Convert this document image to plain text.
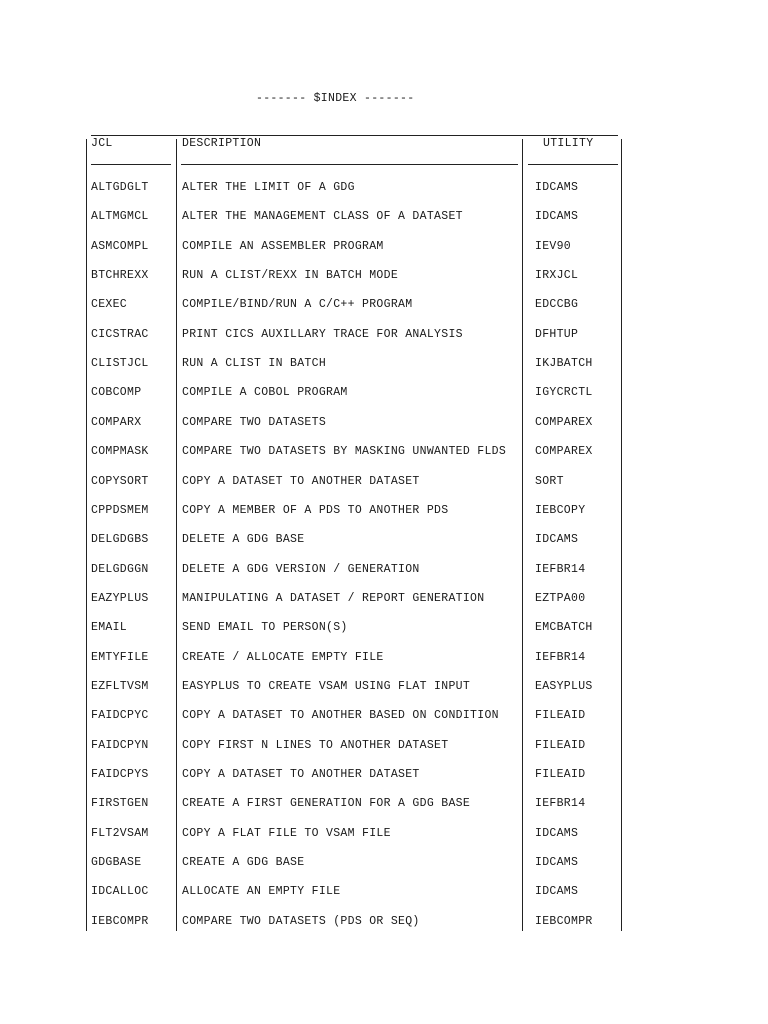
------- $INDEX -------
JCL	DESCRIPTION	UTILITY
ALTGDGLT	ALTER THE LIMIT OF A GDG	IDCAMS
ALTMGMCL	ALTER THE MANAGEMENT CLASS OF A DATASET	IDCAMS
ASMCOMPL	COMPILE AN ASSEMBLER PROGRAM	IEV90
BTCHREXX	RUN A CLIST/REXX IN BATCH MODE	IRXJCL
CEXEC	COMPILE/BIND/RUN A C/C++ PROGRAM	EDCCBG
CICSTRAC	PRINT CICS AUXILLARY TRACE FOR ANALYSIS	DFHTUP
CLISTJCL	RUN A CLIST IN BATCH	IKJBATCH
COBCOMP	COMPILE A COBOL PROGRAM	IGYCRCTL
COMPARX	COMPARE TWO DATASETS	COMPAREX
COMPMASK	COMPARE TWO DATASETS BY MASKING UNWANTED FLDS	COMPAREX
COPYSORT	COPY A DATASET TO ANOTHER DATASET	SORT
CPPDSMEM	COPY A MEMBER OF A PDS TO ANOTHER PDS	IEBCOPY
DELGDGBS	DELETE A GDG BASE	IDCAMS
DELGDGGN	DELETE A GDG VERSION / GENERATION	IEFBR14
EAZYPLUS	MANIPULATING A DATASET / REPORT GENERATION	EZTPA00
EMAIL	SEND EMAIL TO PERSON(S)	EMCBATCH
EMTYFILE	CREATE / ALLOCATE EMPTY FILE	IEFBR14
EZFLTVSM	EASYPLUS TO CREATE VSAM USING FLAT INPUT	EASYPLUS
FAIDCPYC	COPY A DATASET TO ANOTHER BASED ON CONDITION	FILEAID
FAIDCPYN	COPY FIRST N LINES TO ANOTHER DATASET	FILEAID
FAIDCPYS	COPY A DATASET TO ANOTHER DATASET	FILEAID
FIRSTGEN	CREATE A FIRST GENERATION FOR A GDG BASE	IEFBR14
FLT2VSAM	COPY A FLAT FILE TO VSAM FILE	IDCAMS
GDGBASE	CREATE A GDG BASE	IDCAMS
IDCALLOC	ALLOCATE AN EMPTY FILE	IDCAMS
IEBCOMPR	COMPARE TWO DATASETS (PDS OR SEQ)	IEBCOMPR
